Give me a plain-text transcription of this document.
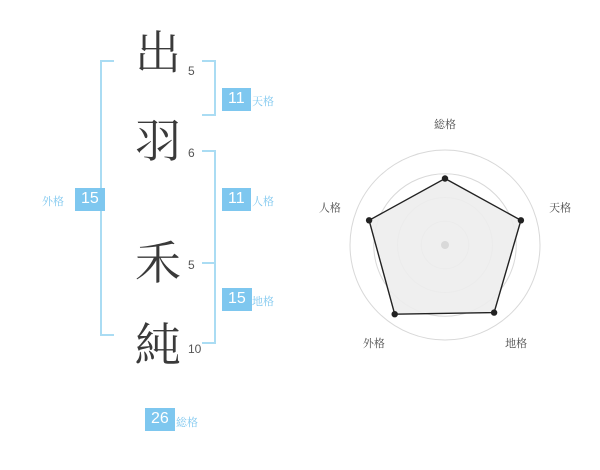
出
羽
禾
純
5
6
5
10
11 天格
11 人格
15 地格
15
外格
26 総格
総格
天格
地格
外格
人格
